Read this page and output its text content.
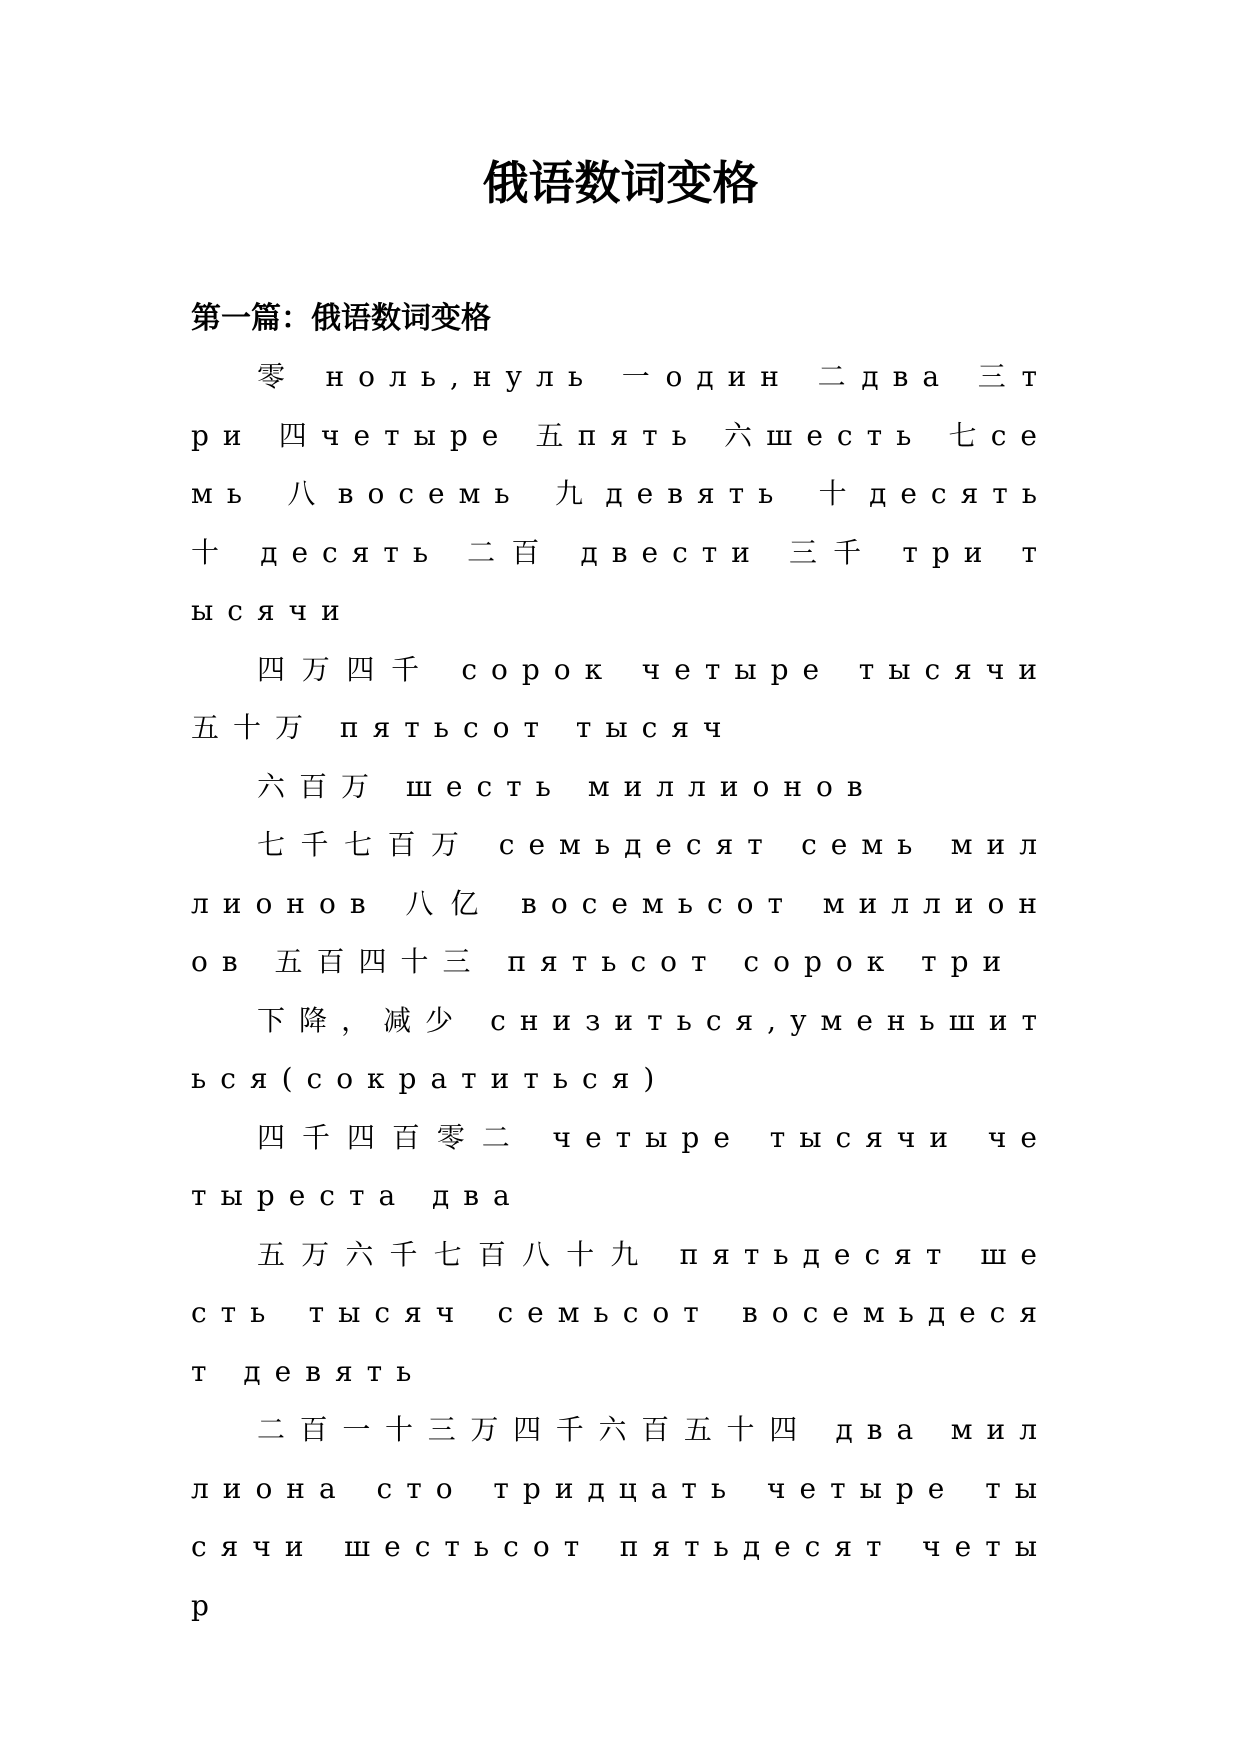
俄语数词变格
第一篇：俄语数词变格

零 ноль,нуль 一один 二два 三три 四четыре 五пять 六шесть 七семь 八восемь 九девять 十десять 十 десять 二百 двести 三千 три тысячи

四万四千 сорок четыре тысячи 五十万 пятьсот тысяч

六百万 шесть миллионов

七千七百万 семьдесят семь миллионов 八亿 восемьсот миллионов 五百四十三 пятьсот сорок три

下降，减少 снизиться,уменьшиться(сократиться)

四千四百零二 четыре тысячи четыреста два

五万六千七百八十九 пятьдесят шесть тысяч семьсот восемьдесят девять

二百一十三万四千六百五十四 два миллиона сто тридцать четыре тысячи шестьсот пятьдесят четыр
